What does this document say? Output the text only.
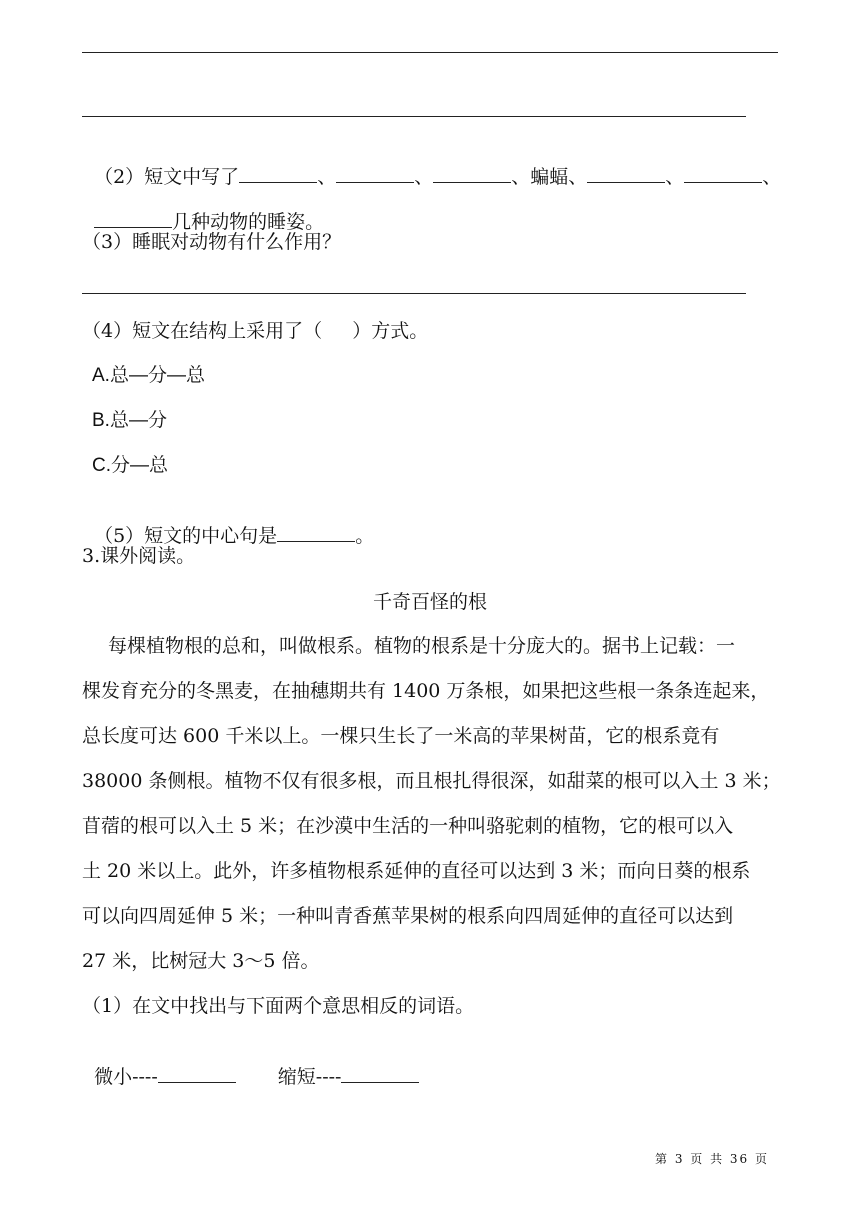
（2）短文中写了	、	、	、蝙蝠、	、	、

几种动物的睡姿。

（3）睡眠对动物有什么作用？
（4）短文在结构上采用了（     ）方式。
A.总—分—总
B.总—分
C.分—总

（5）短文的中心句是	。

3.课外阅读。
千奇百怪的根
每棵植物根的总和，叫做根系。植物的根系是十分庞大的。据书上记载：一
棵发育充分的冬黑麦，在抽穗期共有 1400 万条根，如果把这些根一条条连起来，
总长度可达 600 千米以上。一棵只生长了一米高的苹果树苗，它的根系竟有
38000 条侧根。植物不仅有很多根，而且根扎得很深，如甜菜的根可以入土 3 米；
苜蓿的根可以入土 5 米；在沙漠中生活的一种叫骆驼刺的植物，它的根可以入
土 20 米以上。此外，许多植物根系延伸的直径可以达到 3 米；而向日葵的根系
可以向四周延伸 5 米；一种叫青香蕉苹果树的根系向四周延伸的直径可以达到
27 米，比树冠大 3～5 倍。
（1）在文中找出与下面两个意思相反的词语。

微小----	缩短----

第 3 页 共 36 页
